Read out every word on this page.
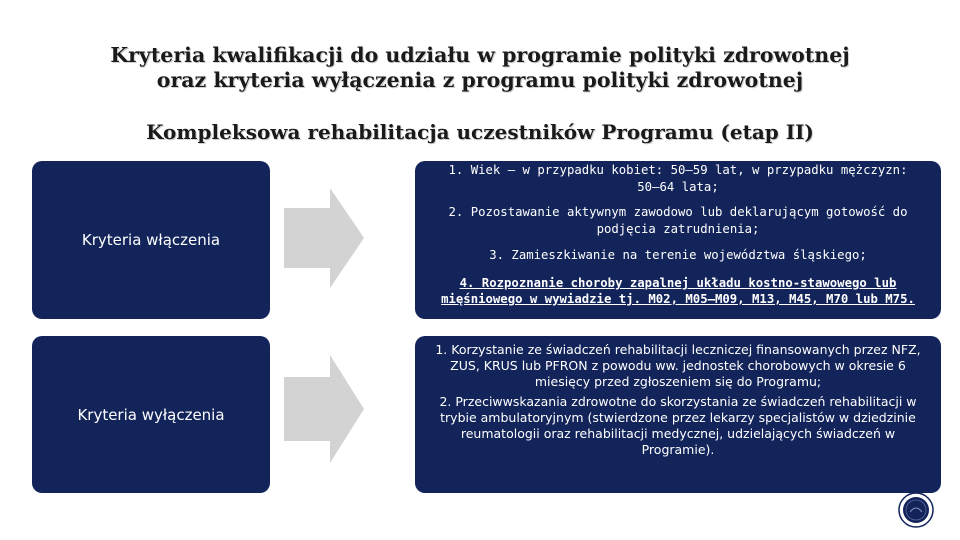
Kryteria kwalifikacji do udziału w programie polityki zdrowotnej
oraz kryteria wyłączenia z programu polityki zdrowotnej
Kompleksowa rehabilitacja uczestników Programu (etap II)
Kryteria włączenia

1. Wiek – w przypadku kobiet: 50–59 lat, w przypadku mężczyzn: 50–64 lata;

2. Pozostawanie aktywnym zawodowo lub deklarującym gotowość do podjęcia zatrudnienia;

3. Zamieszkiwanie na terenie województwa śląskiego;

4. Rozpoznanie choroby zapalnej układu kostno-stawowego lub mięśniowego w wywiadzie tj. M02, M05–M09, M13, M45, M70 lub M75.

Kryteria wyłączenia

1. Korzystanie ze świadczeń rehabilitacji leczniczej finansowanych przez NFZ, ZUS, KRUS lub PFRON z powodu ww. jednostek chorobowych w okresie 6 miesięcy przed zgłoszeniem się do Programu;

2. Przeciwwskazania zdrowotne do skorzystania ze świadczeń rehabilitacji w trybie ambulatoryjnym (stwierdzone przez lekarzy specjalistów w dziedzinie reumatologii oraz rehabilitacji medycznej, udzielających świadczeń w Programie).
